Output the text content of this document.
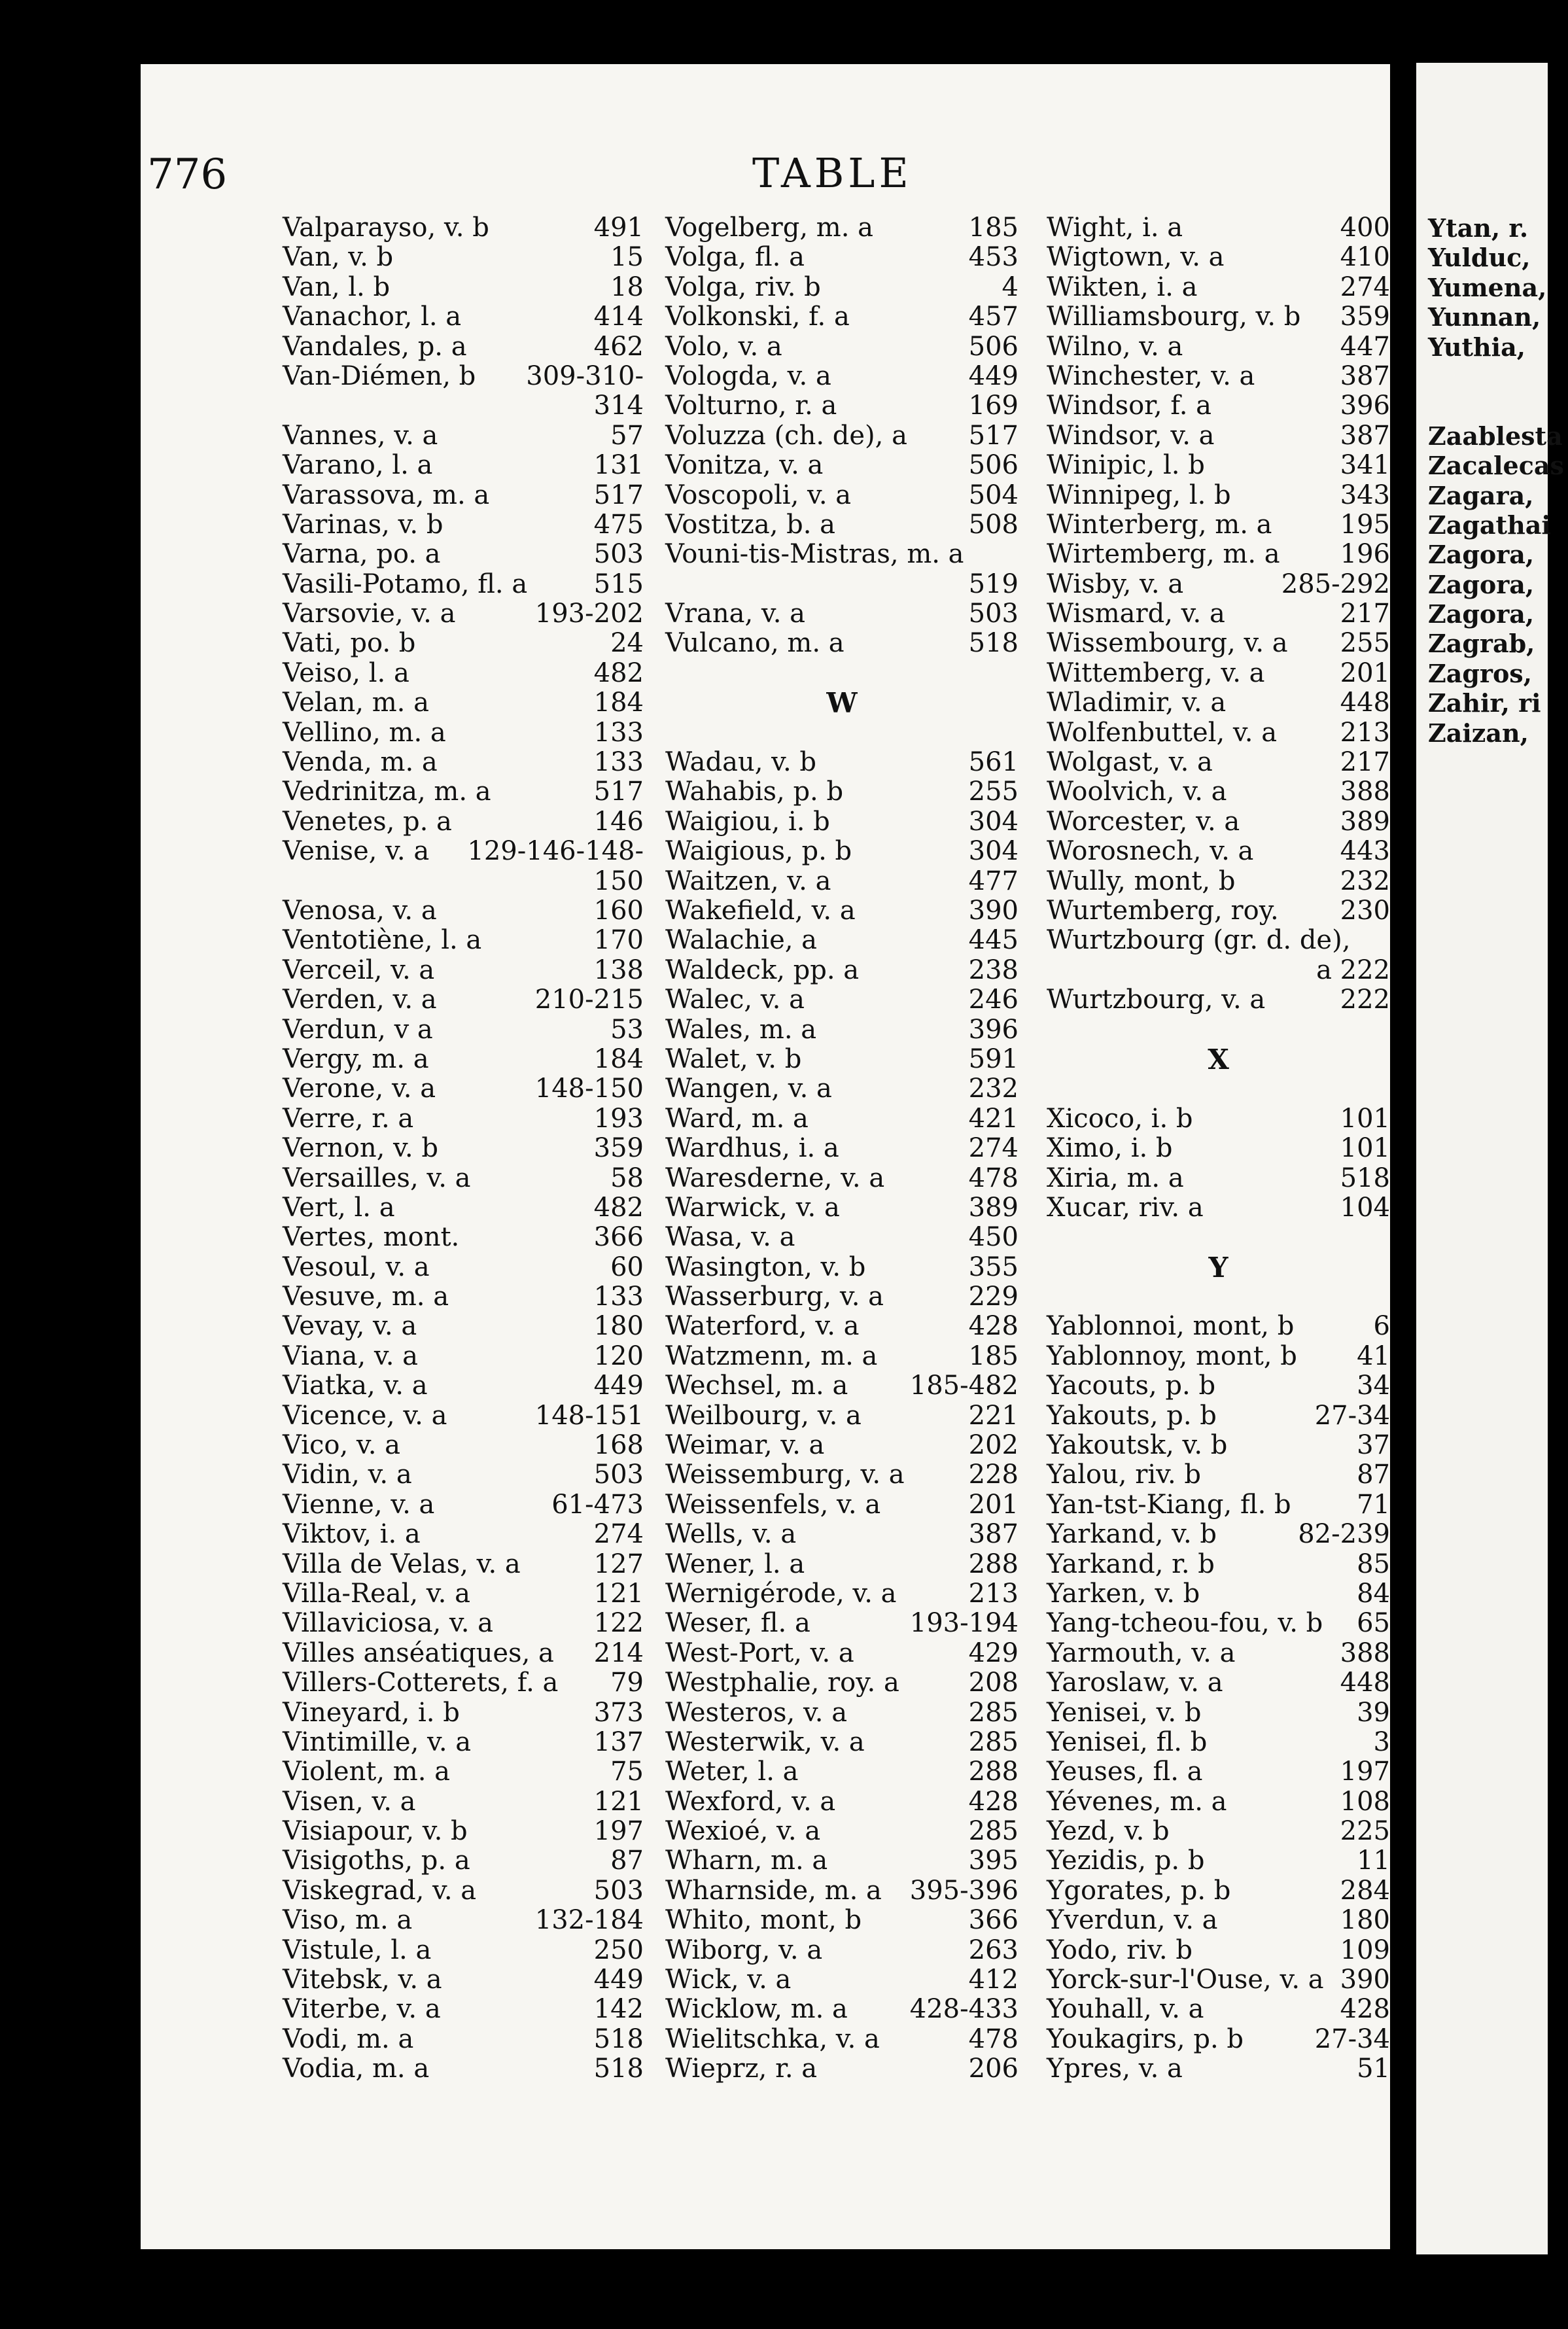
776	TABLE
Valparayso, v. b	491
Van, v. b	15
Van, l. b	18
Vanachor, l. a	414
Vandales, p. a	462
Van-Diémen, b	309-310-
314
Vannes, v. a	57
Varano, l. a	131
Varassova, m. a	517
Varinas, v. b	475
Varna, po. a	503
Vasili-Potamo, fl. a	515
Varsovie, v. a	193-202
Vati, po. b	24
Veiso, l. a	482
Velan, m. a	184
Vellino, m. a	133
Venda, m. a	133
Vedrinitza, m. a	517
Venetes, p. a	146
Venise, v. a	129-146-148-
150
Venosa, v. a	160
Ventotiène, l. a	170
Verceil, v. a	138
Verden, v. a	210-215
Verdun, v a	53
Vergy, m. a	184
Verone, v. a	148-150
Verre, r. a	193
Vernon, v. b	359
Versailles, v. a	58
Vert, l. a	482
Vertes, mont.	366
Vesoul, v. a	60
Vesuve, m. a	133
Vevay, v. a	180
Viana, v. a	120
Viatka, v. a	449
Vicence, v. a	148-151
Vico, v. a	168
Vidin, v. a	503
Vienne, v. a	61-473
Viktov, i. a	274
Villa de Velas, v. a	127
Villa-Real, v. a	121
Villaviciosa, v. a	122
Villes anséatiques, a	214
Villers-Cotterets, f. a	79
Vineyard, i. b	373
Vintimille, v. a	137
Violent, m. a	75
Visen, v. a	121
Visiapour, v. b	197
Visigoths, p. a	87
Viskegrad, v. a	503
Viso, m. a	132-184
Vistule, l. a	250
Vitebsk, v. a	449
Viterbe, v. a	142
Vodi, m. a	518
Vodia, m. a	518
Vogelberg, m. a	185
Volga, fl. a	453
Volga, riv. b	4
Volkonski, f. a	457
Volo, v. a	506
Vologda, v. a	449
Volturno, r. a	169
Voluzza (ch. de), a	517
Vonitza, v. a	506
Voscopoli, v. a	504
Vostitza, b. a	508
Vouni-tis-Mistras, m. a
519
Vrana, v. a	503
Vulcano, m. a	518
W
Wadau, v. b	561
Wahabis, p. b	255
Waigiou, i. b	304
Waigious, p. b	304
Waitzen, v. a	477
Wakefield, v. a	390
Walachie, a	445
Waldeck, pp. a	238
Walec, v. a	246
Wales, m. a	396
Walet, v. b	591
Wangen, v. a	232
Ward, m. a	421
Wardhus, i. a	274
Waresderne, v. a	478
Warwick, v. a	389
Wasa, v. a	450
Wasington, v. b	355
Wasserburg, v. a	229
Waterford, v. a	428
Watzmenn, m. a	185
Wechsel, m. a	185-482
Weilbourg, v. a	221
Weimar, v. a	202
Weissemburg, v. a	228
Weissenfels, v. a	201
Wells, v. a	387
Wener, l. a	288
Wernigérode, v. a	213
Weser, fl. a	193-194
West-Port, v. a	429
Westphalie, roy. a	208
Westeros, v. a	285
Westerwik, v. a	285
Weter, l. a	288
Wexford, v. a	428
Wexioé, v. a	285
Wharn, m. a	395
Wharnside, m. a	395-396
Whito, mont, b	366
Wiborg, v. a	263
Wick, v. a	412
Wicklow, m. a	428-433
Wielitschka, v. a	478
Wieprz, r. a	206
Wight, i. a	400
Wigtown, v. a	410
Wikten, i. a	274
Williamsbourg, v. b	359
Wilno, v. a	447
Winchester, v. a	387
Windsor, f. a	396
Windsor, v. a	387
Winipic, l. b	341
Winnipeg, l. b	343
Winterberg, m. a	195
Wirtemberg, m. a	196
Wisby, v. a	285-292
Wismard, v. a	217
Wissembourg, v. a	255
Wittemberg, v. a	201
Wladimir, v. a	448
Wolfenbuttel, v. a	213
Wolgast, v. a	217
Woolvich, v. a	388
Worcester, v. a	389
Worosnech, v. a	443
Wully, mont, b	232
Wurtemberg, roy.	230
Wurtzbourg (gr. d. de),
a 222
Wurtzbourg, v. a	222
X
Xicoco, i. b	101
Ximo, i. b	101
Xiria, m. a	518
Xucar, riv. a	104
Y
Yablonnoi, mont, b	6
Yablonnoy, mont, b	41
Yacouts, p. b	34
Yakouts, p. b	27-34
Yakoutsk, v. b	37
Yalou, riv. b	87
Yan-tst-Kiang, fl. b	71
Yarkand, v. b	82-239
Yarkand, r. b	85
Yarken, v. b	84
Yang-tcheou-fou, v. b	65
Yarmouth, v. a	388
Yaroslaw, v. a	448
Yenisei, v. b	39
Yenisei, fl. b	3
Yeuses, fl. a	197
Yévenes, m. a	108
Yezd, v. b	225
Yezidis, p. b	11
Ygorates, p. b	284
Yverdun, v. a	180
Yodo, riv. b	109
Yorck-sur-l'Ouse, v. a 390
Youhall, v. a	428
Youkagirs, p. b	27-34
Ypres, v. a	51
Ytan, r.
Yulduc,
Yumena,
Yunnan,
Yuthia,
Zaablesta
Zacalecas
Zagara,
Zagathai
Zagora,
Zagora,
Zagora,
Zagrab,
Zagros,
Zahir, ri
Zaizan,
